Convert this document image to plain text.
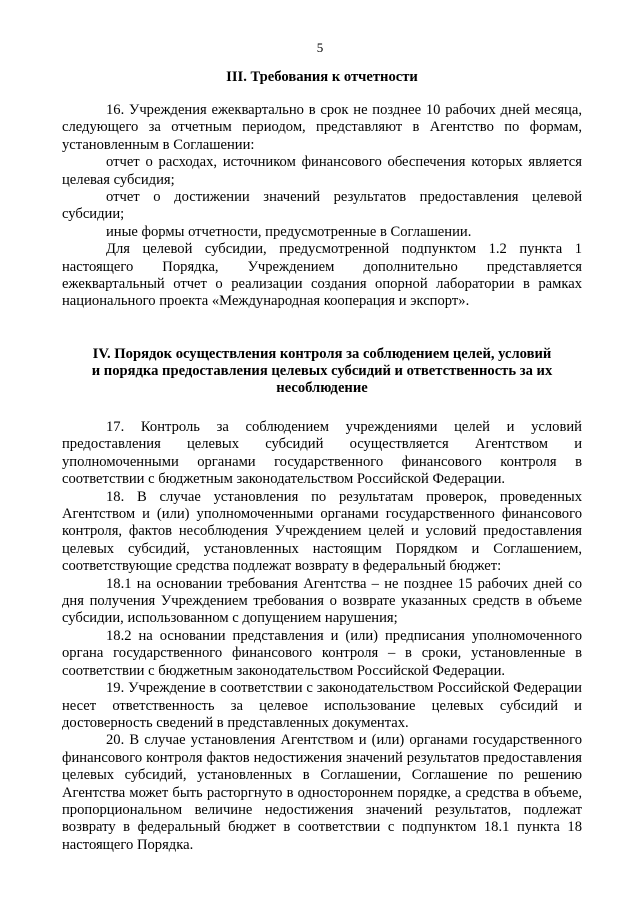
5
III. Требования к отчетности

16. Учреждения ежеквартально в срок не позднее 10 рабочих дней месяца, следующего за отчетным периодом, представляют в Агентство по формам, установленным в Соглашении:

отчет о расходах, источником финансового обеспечения которых является целевая субсидия;

отчет о достижении значений результатов предоставления целевой субсидии;

иные формы отчетности, предусмотренные в Соглашении.

Для целевой субсидии, предусмотренной подпунктом 1.2 пункта 1 настоящего Порядка, Учреждением дополнительно представляется ежеквартальный отчет о реализации создания опорной лаборатории в рамках национального проекта «Международная кооперация и экспорт».

IV. Порядок осуществления контроля за соблюдением целей, условий
и порядка предоставления целевых субсидий и ответственность за их
несоблюдение

17. Контроль за соблюдением учреждениями целей и условий предоставления целевых субсидий осуществляется Агентством и уполномоченными органами государственного финансового контроля в соответствии с бюджетным законодательством Российской Федерации.

18. В случае установления по результатам проверок, проведенных Агентством и (или) уполномоченными органами государственного финансового контроля, фактов несоблюдения Учреждением целей и условий предоставления целевых субсидий, установленных настоящим Порядком и Соглашением, соответствующие средства подлежат возврату в федеральный бюджет:

18.1 на основании требования Агентства – не позднее 15 рабочих дней со дня получения Учреждением требования о возврате указанных средств в объеме субсидии, использованном с допущением нарушения;

18.2 на основании представления и (или) предписания уполномоченного органа государственного финансового контроля – в сроки, установленные в соответствии с бюджетным законодательством Российской Федерации.

19. Учреждение в соответствии с законодательством Российской Федерации несет ответственность за целевое использование целевых субсидий и достоверность сведений в представленных документах.

20. В случае установления Агентством и (или) органами государственного финансового контроля фактов недостижения значений результатов предоставления целевых субсидий, установленных в Соглашении, Соглашение по решению Агентства может быть расторгнуто в одностороннем порядке, а средства в объеме, пропорциональном величине недостижения значений результатов, подлежат возврату в федеральный бюджет в соответствии с подпунктом 18.1 пункта 18 настоящего Порядка.
